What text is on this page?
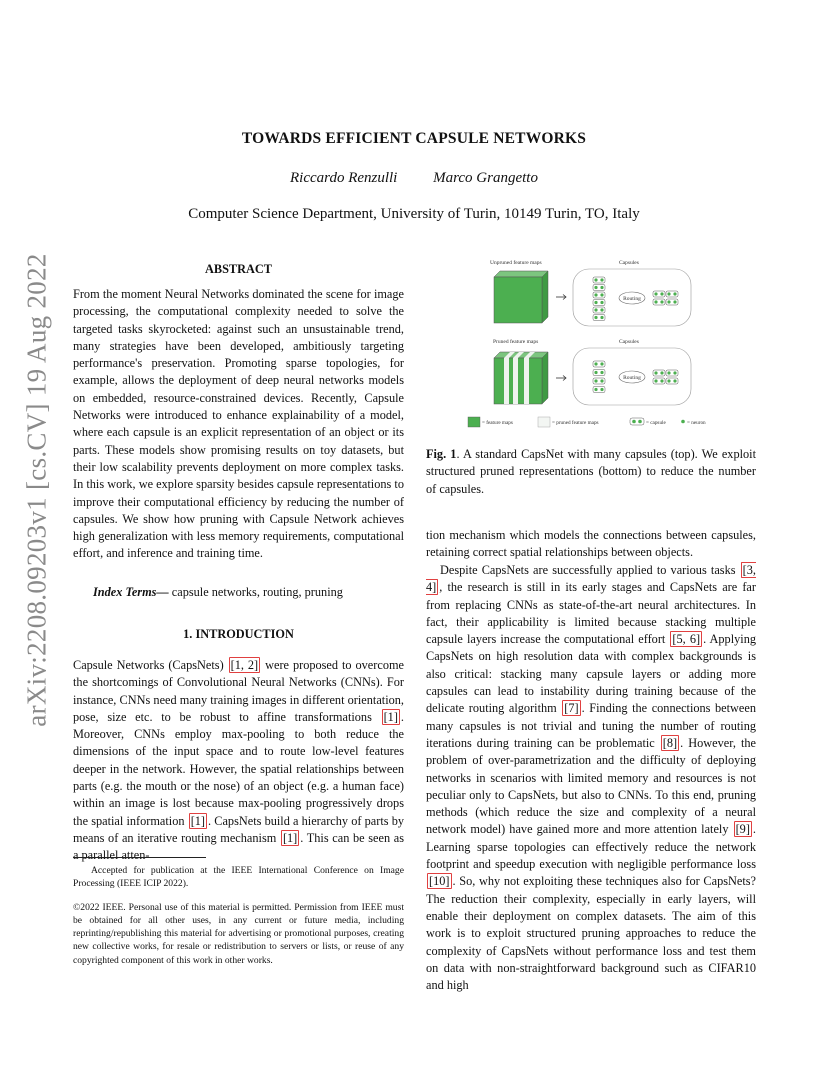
arXiv:2208.09203v1 [cs.CV] 19 Aug 2022
TOWARDS EFFICIENT CAPSULE NETWORKS
Riccardo Renzulli Marco Grangetto
Computer Science Department, University of Turin, 10149 Turin, TO, Italy
ABSTRACT

From the moment Neural Networks dominated the scene for image processing, the computational complexity needed to solve the targeted tasks skyrocketed: against such an unsustainable trend, many strategies have been developed, ambitiously targeting performance's preservation. Promoting sparse topologies, for example, allows the deployment of deep neural networks models on embedded, resource-constrained devices. Recently, Capsule Networks were introduced to enhance explainability of a model, where each capsule is an explicit representation of an object or its parts. These models show promising results on toy datasets, but their low scalability prevents deployment on more complex tasks. In this work, we explore sparsity besides capsule representations to improve their computational efficiency by reducing the number of capsules. We show how pruning with Capsule Network achieves high generalization with less memory requirements, computational effort, and inference and training time.

Index Terms— capsule networks, routing, pruning

1. INTRODUCTION

Capsule Networks (CapsNets) [1, 2] were proposed to overcome the shortcomings of Convolutional Neural Networks (CNNs). For instance, CNNs need many training images in different orientation, pose, size etc. to be robust to affine transformations [1] . Moreover, CNNs employ max-pooling to both reduce the dimensions of the input space and to route low-level features deeper in the network. However, the spatial relationships between parts (e.g. the mouth or the nose) of an object (e.g. a human face) within an image is lost because max-pooling progressively drops the spatial information [1] . CapsNets build a hierarchy of parts by means of an iterative routing mechanism [1] . This can be seen as a parallel atten-

Unpruned feature maps	Capsules
Pruned feature maps	Capsules
Routing
Routing
= feature maps	= pruned feature maps	= capsule	= neuron

Fig. 1. A standard CapsNet with many capsules (top). We exploit structured pruned representations (bottom) to reduce the number of capsules.

tion mechanism which models the connections between capsules, retaining correct spatial relationships between objects.

Despite CapsNets are successfully applied to various tasks [3, 4] , the research is still in its early stages and CapsNets are far from replacing CNNs as state-of-the-art neural architectures. In fact, their applicability is limited because stacking multiple capsule layers increase the computational effort [5, 6] . Applying CapsNets on high resolution data with complex backgrounds is also critical: stacking many capsule layers or adding more capsules can lead to instability during training because of the delicate routing algorithm [7] . Finding the connections between many capsules is not trivial and tuning the number of routing iterations during training can be problematic [8] . However, the problem of over-parametrization and the difficulty of deploying networks in scenarios with limited memory and resources is not peculiar only to CapsNets, but also to CNNs. To this end, pruning methods (which reduce the size and complexity of a neural network model) have gained more and more attention lately [9] . Learning sparse topologies can effectively reduce the network footprint and speedup execution with negligible performance loss [10] . So, why not exploiting these techniques also for CapsNets? The reduction their complexity, especially in early layers, will enable their deployment on complex datasets. The aim of this work is to exploit structured pruning approaches to reduce the complexity of CapsNets without performance loss and test them on data with non-straightforward background such as CIFAR10 and high

Accepted for publication at the IEEE International Conference on Image Processing (IEEE ICIP 2022).

©2022 IEEE. Personal use of this material is permitted. Permission from IEEE must be obtained for all other uses, in any current or future media, including reprinting/republishing this material for advertising or promotional purposes, creating new collective works, for resale or redistribution to servers or lists, or reuse of any copyrighted component of this work in other works.
